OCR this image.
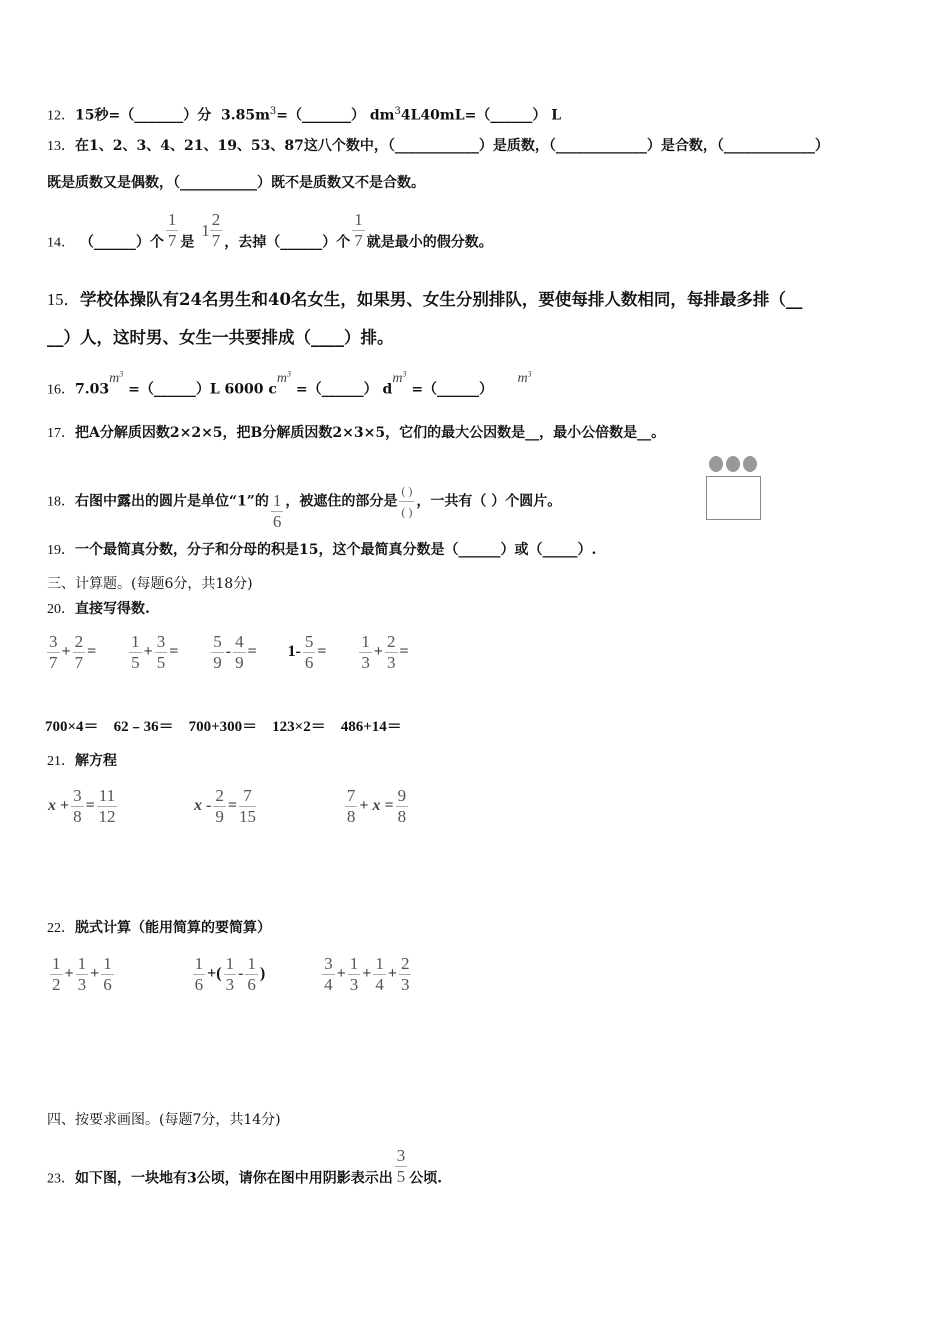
12．15秒=（_______）分 $3.85m^3=(\_\_\_\_\_\_\_)$ $dm^34L40mL=(\_\_\_\_\_\_)$ L
13．在1、2、3、4、21、19、53、87这八个数中，（____________）是质数，（_____________）是合数，（_____________）
既是质数又是偶数，（___________）既不是质数又不是合数。
14． （______）个 $\frac{1}{7}$ 是 $1 \frac{2}{7}$ ，去掉（______）个 $\frac{1}{7}$ 就是最小的假分数。
15．学校体操队有24名男生和40名女生，如果男、女生分别排队，要使每排人数相同，每排最多排（__
__）人，这时男、女生一共要排成（____）排。
16．$7.03m^3$ =（______）L 6000 $cm^3$ =（______） $dm^3$ =（______）     $m^3$
17．把A分解质因数2×2×5，把B分解质因数2×3×5，它们的最大公因数是__，最小公倍数是__。
18．右图中露出的圆片是单位“1”的 $\frac{1}{6}$ ，被遮住的部分是 $\frac{( )}{( )}$ ，一共有（ ）个圆片。
19．一个最简真分数，分子和分母的积是15，这个最简真分数是（______）或（_____）.
三、计算题。(每题6分，共18分)
20．直接写得数.
$\frac{3}{7} + \frac{2}{7} = \frac{1}{5} + \frac{3}{5} = \frac{5}{9} - \frac{4}{9} = 1- \frac{5}{6} = \frac{1}{3} + \frac{2}{3}$ =
700×4＝ 62﹣36＝ 700+300＝ 123×2＝ 486+14＝
21．解方程
$x + \frac{3}{8} = \frac{11}{12}$	$x - \frac{2}{9} = \frac{7}{15}$
	$\frac{7}{8} + x = \frac{9}{8}$
22．脱式计算（能用简算的要简算）
$\frac{1}{2} + \frac{1}{3} + \frac{1}{6}$
	$\frac{1}{6}$ +( $\frac{1}{3} - \frac{1}{6}$ )	$\frac{3}{4} + \frac{1}{3} + \frac{1}{4} + \frac{2}{3}$
四、按要求画图。(每题7分，共14分)
23．如下图，一块地有3公顷，请你在图中用阴影表示出 $\frac{3}{5}$ 公顷.
